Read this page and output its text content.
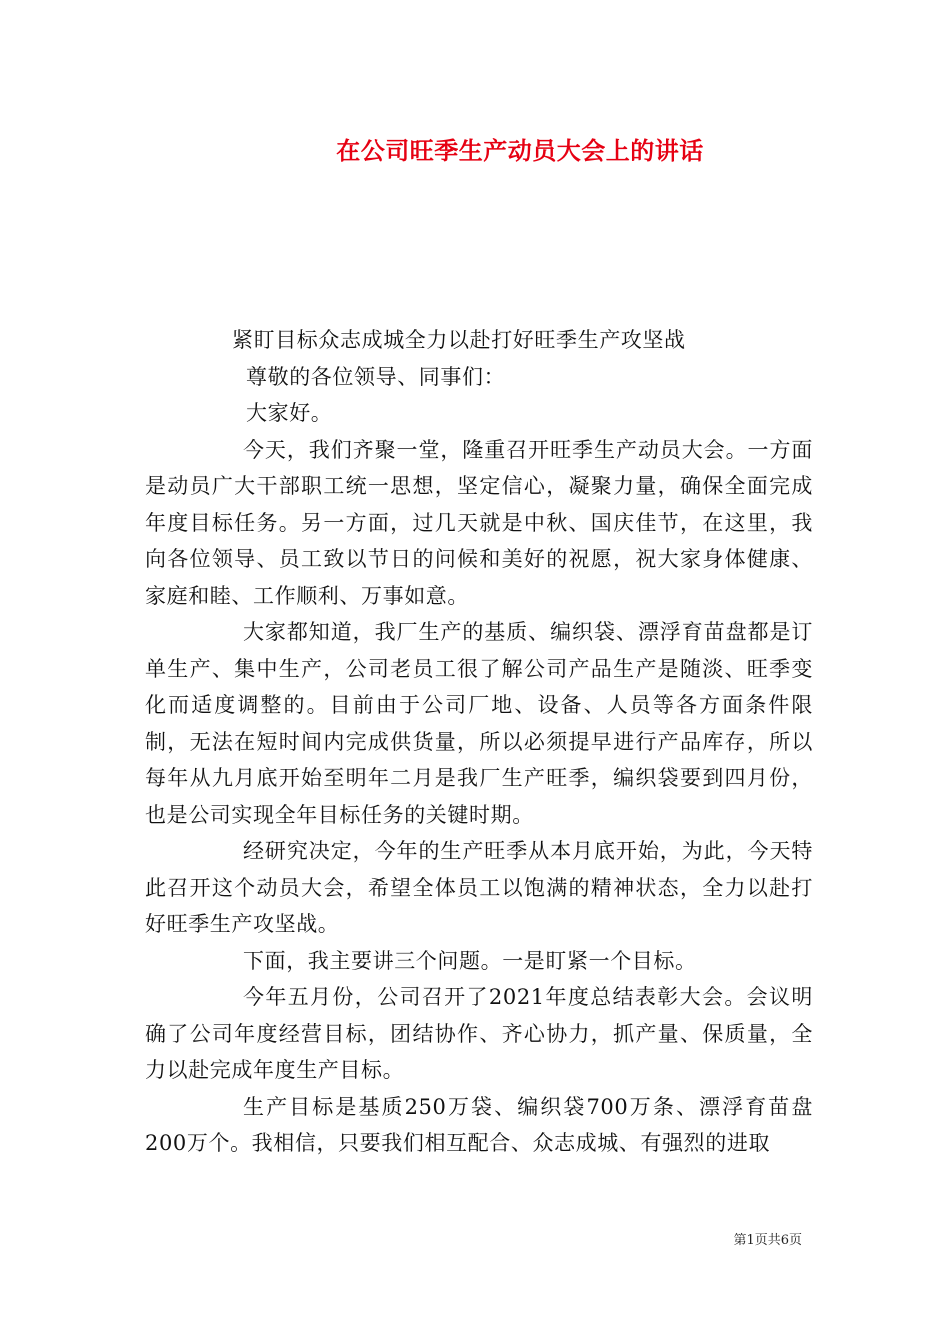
在公司旺季生产动员大会上的讲话

紧盯目标众志成城全力以赴打好旺季生产攻坚战

尊敬的各位领导、同事们：

大家好。

今天，我们齐聚一堂，隆重召开旺季生产动员大会。一方面是动员广大干部职工统一思想，坚定信心，凝聚力量，确保全面完成年度目标任务。另一方面，过几天就是中秋、国庆佳节，在这里，我向各位领导、员工致以节日的问候和美好的祝愿，祝大家身体健康、家庭和睦、工作顺利、万事如意。

大家都知道，我厂生产的基质、编织袋、漂浮育苗盘都是订单生产、集中生产，公司老员工很了解公司产品生产是随淡、旺季变化而适度调整的。目前由于公司厂地、设备、人员等各方面条件限制，无法在短时间内完成供货量，所以必须提早进行产品库存，所以每年从九月底开始至明年二月是我厂生产旺季，编织袋要到四月份，也是公司实现全年目标任务的关键时期。

经研究决定，今年的生产旺季从本月底开始，为此，今天特此召开这个动员大会，希望全体员工以饱满的精神状态，全力以赴打好旺季生产攻坚战。

下面，我主要讲三个问题。一是盯紧一个目标。

今年五月份，公司召开了2021年度总结表彰大会。会议明确了公司年度经营目标，团结协作、齐心协力，抓产量、保质量，全力以赴完成年度生产目标。

生产目标是基质250万袋、编织袋700万条、漂浮育苗盘200万个。我相信，只要我们相互配合、众志成城、有强烈的进取

第1页共6页
